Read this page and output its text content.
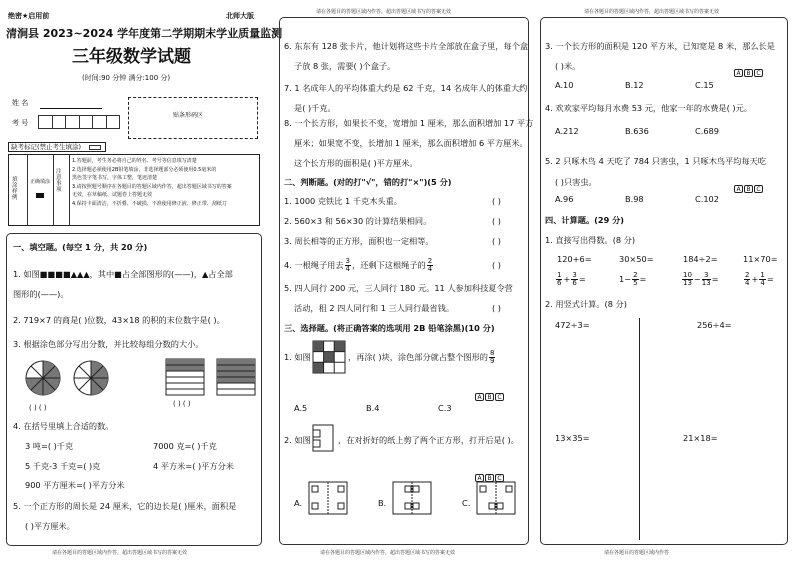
绝密★启用前	北师大版
清涧县 2023~2024 学年度第二学期期末学业质量监测
三年级数学试题
(时间:90 分钟 满分:100 分)
姓 名
考 号
贴条形码区
缺考标记(禁止考生填涂)
填涂样例
正确填涂
注意事项
1.答题前，考生务必将自己的姓名、考号等信息填写清楚
2.选择题必须使用2B铅笔填涂，非选择题部分必须使用0.5毫米的
黑色签字笔书写，字体工整，笔迹清楚
3.请按照题号顺序在各题目的答题区域内作答，超出答题区域书写的答案
无效，在草稿纸、试题卷上答题无效
4.保持卡面清洁，不折叠、不破损、不准使用修正液、修正带、刮纸刀
一、填空题。(每空 1 分，共 20 分)
1. 如图■■■■▲▲▲，其中■占全部图形的(——)，▲占全部
图形的(——)。
2. 719×7 的商是( )位数，43×18 的积的末位数字是( )。
3. 根据涂色部分写出分数，并比较每组分数的大小。
( ) ( )	( ) ( )
4. 在括号里填上合适的数。
3 吨=( )千克	7000 克=( )千克
5 千克-3 千克=( )克	4 平方米=( )平方分米
900 平方厘米=( )平方分米
5. 一个正方形的周长是 24 厘米，它的边长是( )厘米，面积是
( )平方厘米。
请在各题目的答题区域内作答，超出答题区域书写的答案无效
请在各题目的答题区域内作答，超出答题区域书写的答案无效
6. 东东有 128 张卡片，他计划将这些卡片全部放在盒子里，每个盒
子放 8 张，需要( )个盒子。
7. 1 名成年人的平均体重大约是 62 千克，14 名成年人的体重大约
是( )千克。
8. 一个长方形，如果长不变，宽增加 1 厘米，那么面积增加 17 平方
厘米；如果宽不变，长增加 1 厘米，那么面积增加 6 平方厘米。
这个长方形的面积是( )平方厘米。
二、判断题。(对的打"√"，错的打"×")(5 分)
1. 1000 克铁比 1 千克木头重。	( )
2. 560×3 和 56×30 的计算结果相同。	( )
3. 周长相等的正方形，面积也一定相等。	( )
4. 一根绳子用去 $\frac{3}{4}$ ，还剩下这根绳子的 $\frac{2}{4}$	( )
5. 四人同行 200 元，三人同行 180 元。11 人参加科技夏令营
活动，租 2 四人同行和 1 三人同行最省钱。	( )
三、选择题。(将正确答案的选项用 2B 铅笔涂黑)(10 分)
1. 如图	，再涂( )块，涂色部分就占整个图形的 $\frac{8}{9}$
A B C
A.5	B.4	C.3
2. 如图	，在对折好的纸上剪了两个正方形，打开后是( )。
A B C
A.	B.	C.
请在各题目的答题区域内作答，超出答题区域书写的答案无效
请在各题目的答题区域内作答，超出答题区域书写的答案无效
3. 一个长方形的面积是 120 平方米，已知宽是 8 米，那么长是
( )米。
A B C
A.10	B.12	C.15
4. 欢欢家平均每月水费 53 元，他家一年的水费是( )元。
A.212	B.636	C.689
5. 2 只啄木鸟 4 天吃了 784 只害虫，1 只啄木鸟平均每天吃
( )只害虫。
A B C
A.96	B.98	C.102
四、计算题。(29 分)
1. 直接写出得数。(8 分)
120+6=	30×50=	184÷2=	11×70=
$\frac{1}{6} + \frac{3}{6}$ =	$1- \frac{2}{5}$ =	$\frac{10}{13} - \frac{3}{13}$ =	$\frac{2}{4} + \frac{1}{4}$ =
2. 用竖式计算。(8 分)
472÷3=	256÷4=
13×35=	21×18=
请在各题目的答题区域内作答
